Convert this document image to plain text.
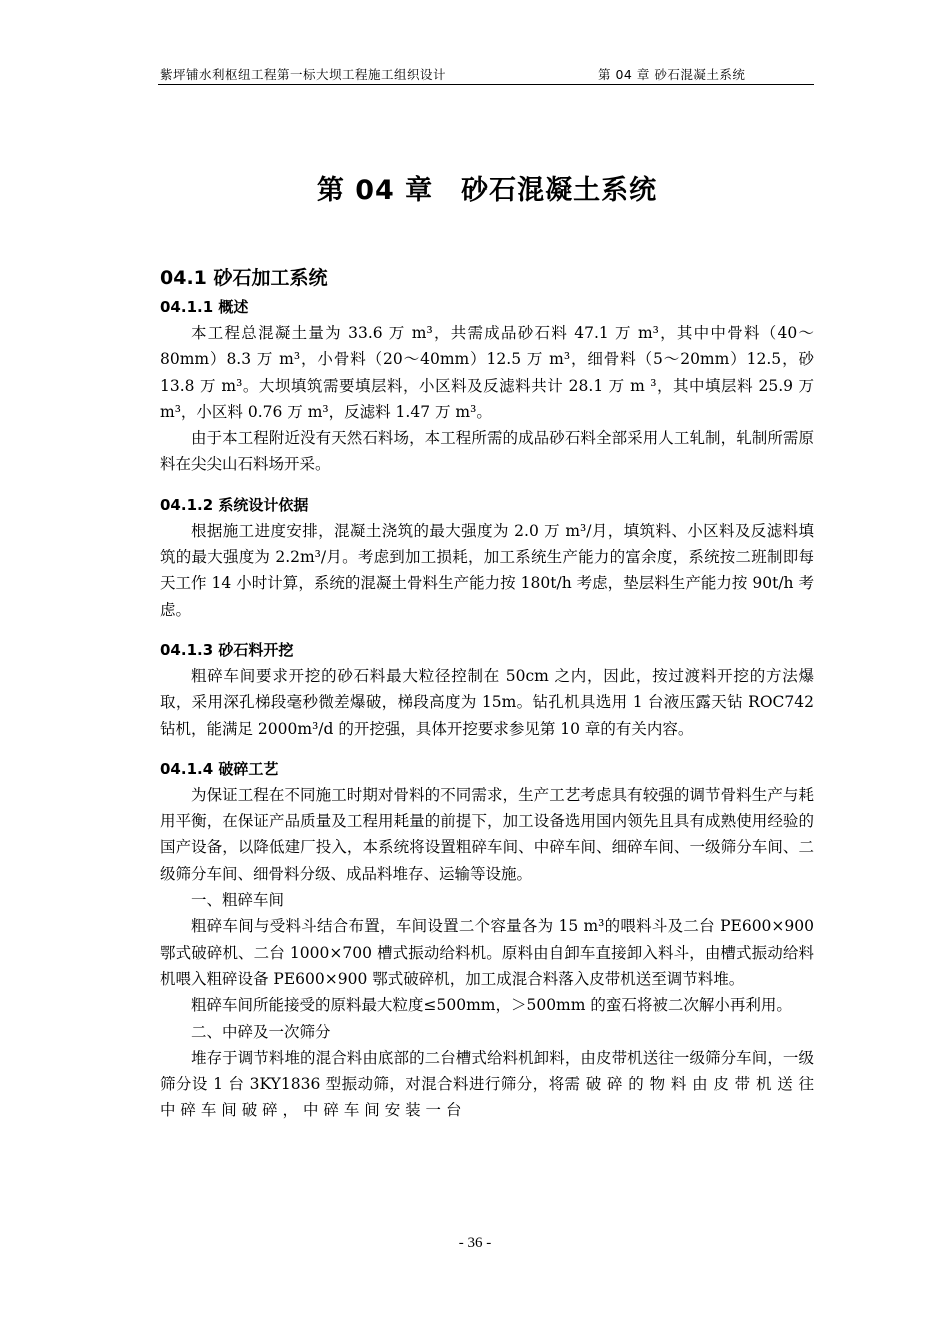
紫坪铺水利枢纽工程第一标大坝工程施工组织设计	第 04 章 砂石混凝土系统
第 04 章　砂石混凝土系统
04.1 砂石加工系统
04.1.1 概述

本工程总混凝土量为 33.6 万 m³，共需成品砂石料 47.1 万 m³，其中中骨料（40～80mm）8.3 万 m³，小骨料（20～40mm）12.5 万 m³，细骨料（5～20mm）12.5，砂 13.8 万 m³。大坝填筑需要填层料，小区料及反滤料共计 28.1 万 m ³，其中填层料 25.9 万 m³，小区料 0.76 万 m³，反滤料 1.47 万 m³。

由于本工程附近没有天然石料场，本工程所需的成品砂石料全部采用人工轧制，轧制所需原料在尖尖山石料场开采。

04.1.2 系统设计依据

根据施工进度安排，混凝土浇筑的最大强度为 2.0 万 m³/月，填筑料、小区料及反滤料填筑的最大强度为 2.2m³/月。考虑到加工损耗，加工系统生产能力的富余度，系统按二班制即每天工作 14 小时计算，系统的混凝土骨料生产能力按 180t/h 考虑，垫层料生产能力按 90t/h 考虑。

04.1.3 砂石料开挖

粗碎车间要求开挖的砂石料最大粒径控制在 50cm 之内，因此，按过渡料开挖的方法爆取，采用深孔梯段毫秒微差爆破，梯段高度为 15m。钻孔机具选用 1 台液压露天钻 ROC742 钻机，能满足 2000m³/d 的开挖强，具体开挖要求参见第 10 章的有关内容。

04.1.4 破碎工艺

为保证工程在不同施工时期对骨料的不同需求，生产工艺考虑具有较强的调节骨料生产与耗用平衡，在保证产品质量及工程用耗量的前提下，加工设备选用国内领先且具有成熟使用经验的国产设备，以降低建厂投入，本系统将设置粗碎车间、中碎车间、细碎车间、一级筛分车间、二级筛分车间、细骨料分级、成品料堆存、运输等设施。

一、粗碎车间

粗碎车间与受料斗结合布置，车间设置二个容量各为 15 m³的喂料斗及二台 PE600×900 鄂式破碎机、二台 1000×700 槽式振动给料机。原料由自卸车直接卸入料斗，由槽式振动给料机喂入粗碎设备 PE600×900 鄂式破碎机，加工成混合料落入皮带机送至调节料堆。

粗碎车间所能接受的原料最大粒度≤500mm，＞500mm 的蛮石将被二次解小再利用。

二、中碎及一次筛分

堆存于调节料堆的混合料由底部的二台槽式给料机卸料，由皮带机送往一级筛分车间，一级筛分设 1 台 3KY1836 型振动筛，对混合料进行筛分，将需 破 碎 的 物 料 由 皮 带 机 送 往 中 碎 车 间 破 碎 ， 中 碎 车 间 安 装 一 台

- 36 -
